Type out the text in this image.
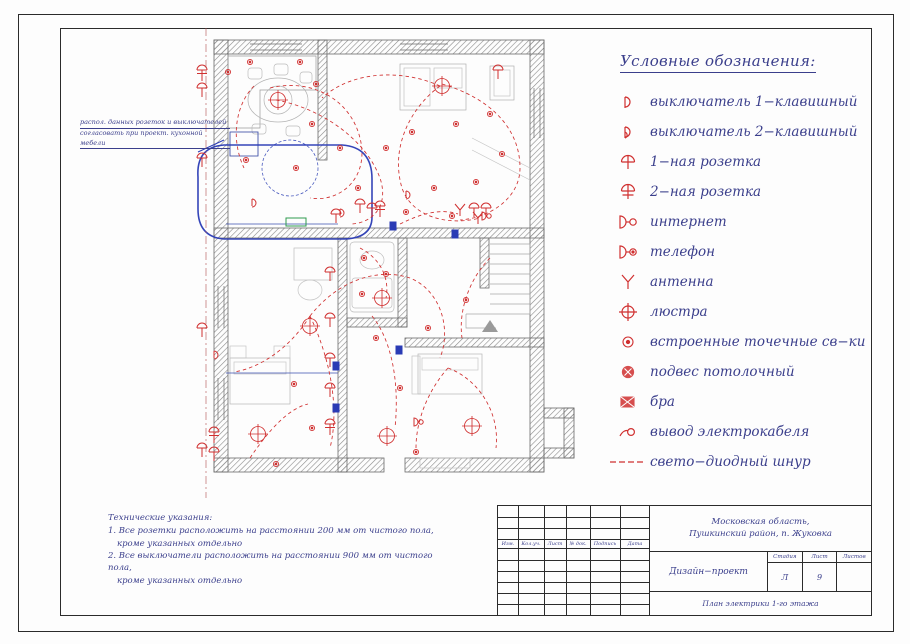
распол. данных розеток и выключателей

согласовать при проект. кухонной мебели

Условные обозначения:
выключатель 1−клавишный
выключатель 2−клавишный
1−ная розетка
2−ная розетка
интернет
телефон
антенна
люстра
встроенные точечные св−ки
подвес потолочный
бра
вывод электрокабеля
свето−диодный шнур

Технические указания:

1. Все розетки расположить на расстоянии 200 мм от чистого пола,

кроме указанных отдельно

2. Все выключатели расположить на расстоянии 900 мм от чистого пола,

кроме указанных отдельно

Изм.	Кол.уч.	Лист	№ док.	Подпись	Дата
Московская область,
Пушкинский район, п. Жуковка
Дизайн−проект
Стадия	Лист	Листов
Л	9
План электрики 1-го этажа
